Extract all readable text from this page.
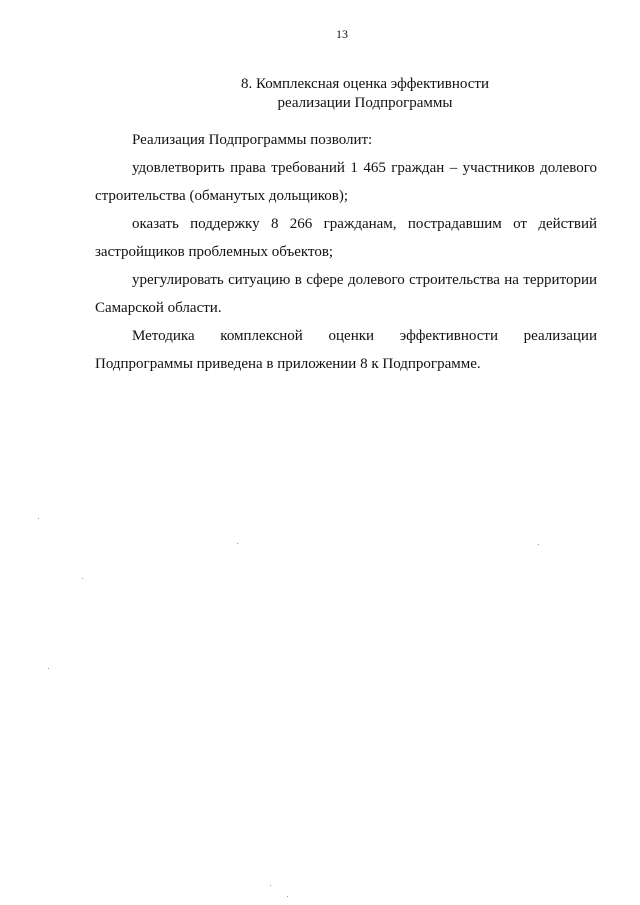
13
8. Комплексная оценка эффективности
реализации Подпрограммы

Реализация Подпрограммы позволит:

удовлетворить права требований 1 465 граждан – участников долевого строительства (обманутых дольщиков);

оказать поддержку 8 266 гражданам, пострадавшим от действий застройщиков проблемных объектов;

урегулировать ситуацию в сфере долевого строительства на территории Самарской области.

Методика комплексной оценки эффективности реализации Подпрограммы приведена в приложении 8 к Подпрограмме.
